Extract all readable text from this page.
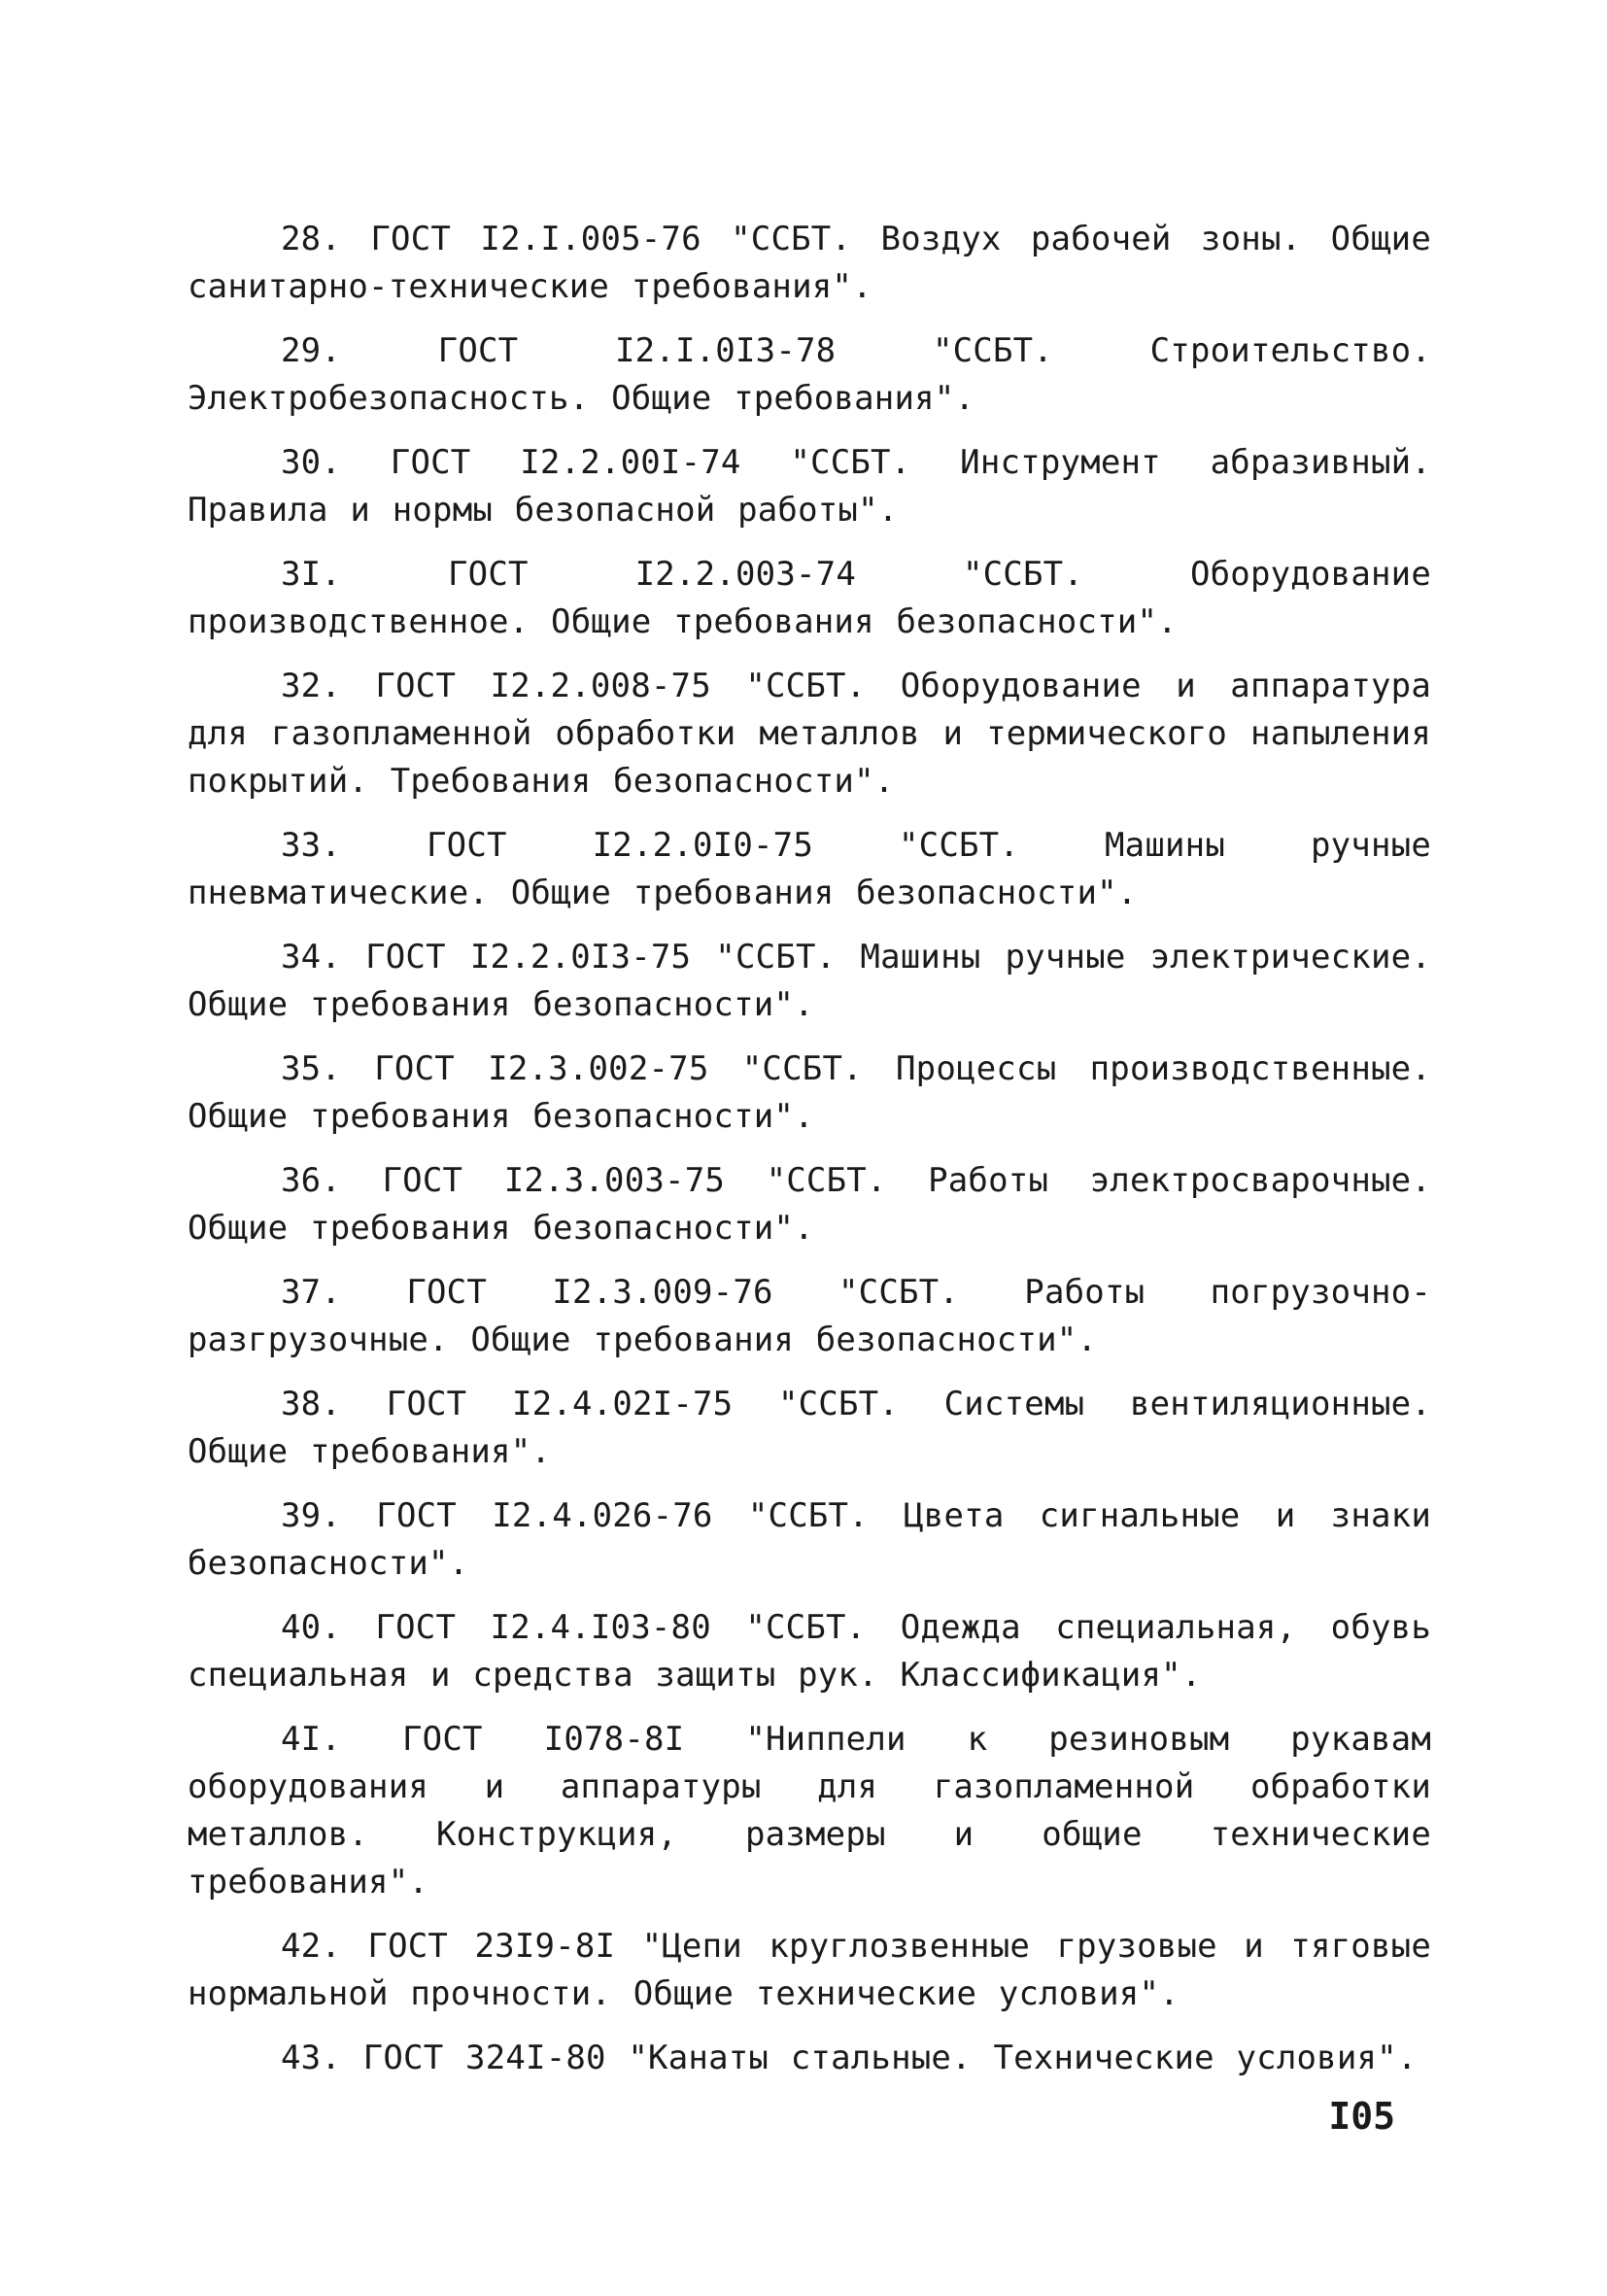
28. ГОСТ I2.I.005-76 "ССБТ. Воздух рабочей зоны. Общие санитарно-технические требования".
29. ГОСТ I2.I.0I3-78 "ССБТ. Строительство. Электробезопасность. Общие требования".
30. ГОСТ I2.2.00I-74 "ССБТ. Инструмент абразивный. Правила и нормы безопасной работы".
3I. ГОСТ I2.2.003-74 "ССБТ. Оборудование производственное. Общие требования безопасности".
32. ГОСТ I2.2.008-75 "ССБТ. Оборудование и аппаратура для газопламенной обработки металлов и термического напыления покрытий. Требования безопасности".
33. ГОСТ I2.2.0I0-75 "ССБТ. Машины ручные пневматические. Общие требования безопасности".
34. ГОСТ I2.2.0I3-75 "ССБТ. Машины ручные электрические. Общие требования безопасности".
35. ГОСТ I2.3.002-75 "ССБТ. Процессы производственные. Общие требования безопасности".
36. ГОСТ I2.3.003-75 "ССБТ. Работы электросварочные. Общие требования безопасности".
37. ГОСТ I2.3.009-76 "ССБТ. Работы погрузочно-разгрузочные. Общие требования безопасности".
38. ГОСТ I2.4.02I-75 "ССБТ. Системы вентиляционные. Общие требования".
39. ГОСТ I2.4.026-76 "ССБТ. Цвета сигнальные и знаки безопасности".
40. ГОСТ I2.4.I03-80 "ССБТ. Одежда специальная, обувь специальная и средства защиты рук. Классификация".
4I. ГОСТ I078-8I "Ниппели к резиновым рукавам оборудования и аппаратуры для газопламенной обработки металлов. Конструкция, размеры и общие технические требования".
42. ГОСТ 23I9-8I "Цепи круглозвенные грузовые и тяговые нормальной прочности. Общие технические условия".
43. ГОСТ 324I-80 "Канаты стальные. Технические условия".
I05
